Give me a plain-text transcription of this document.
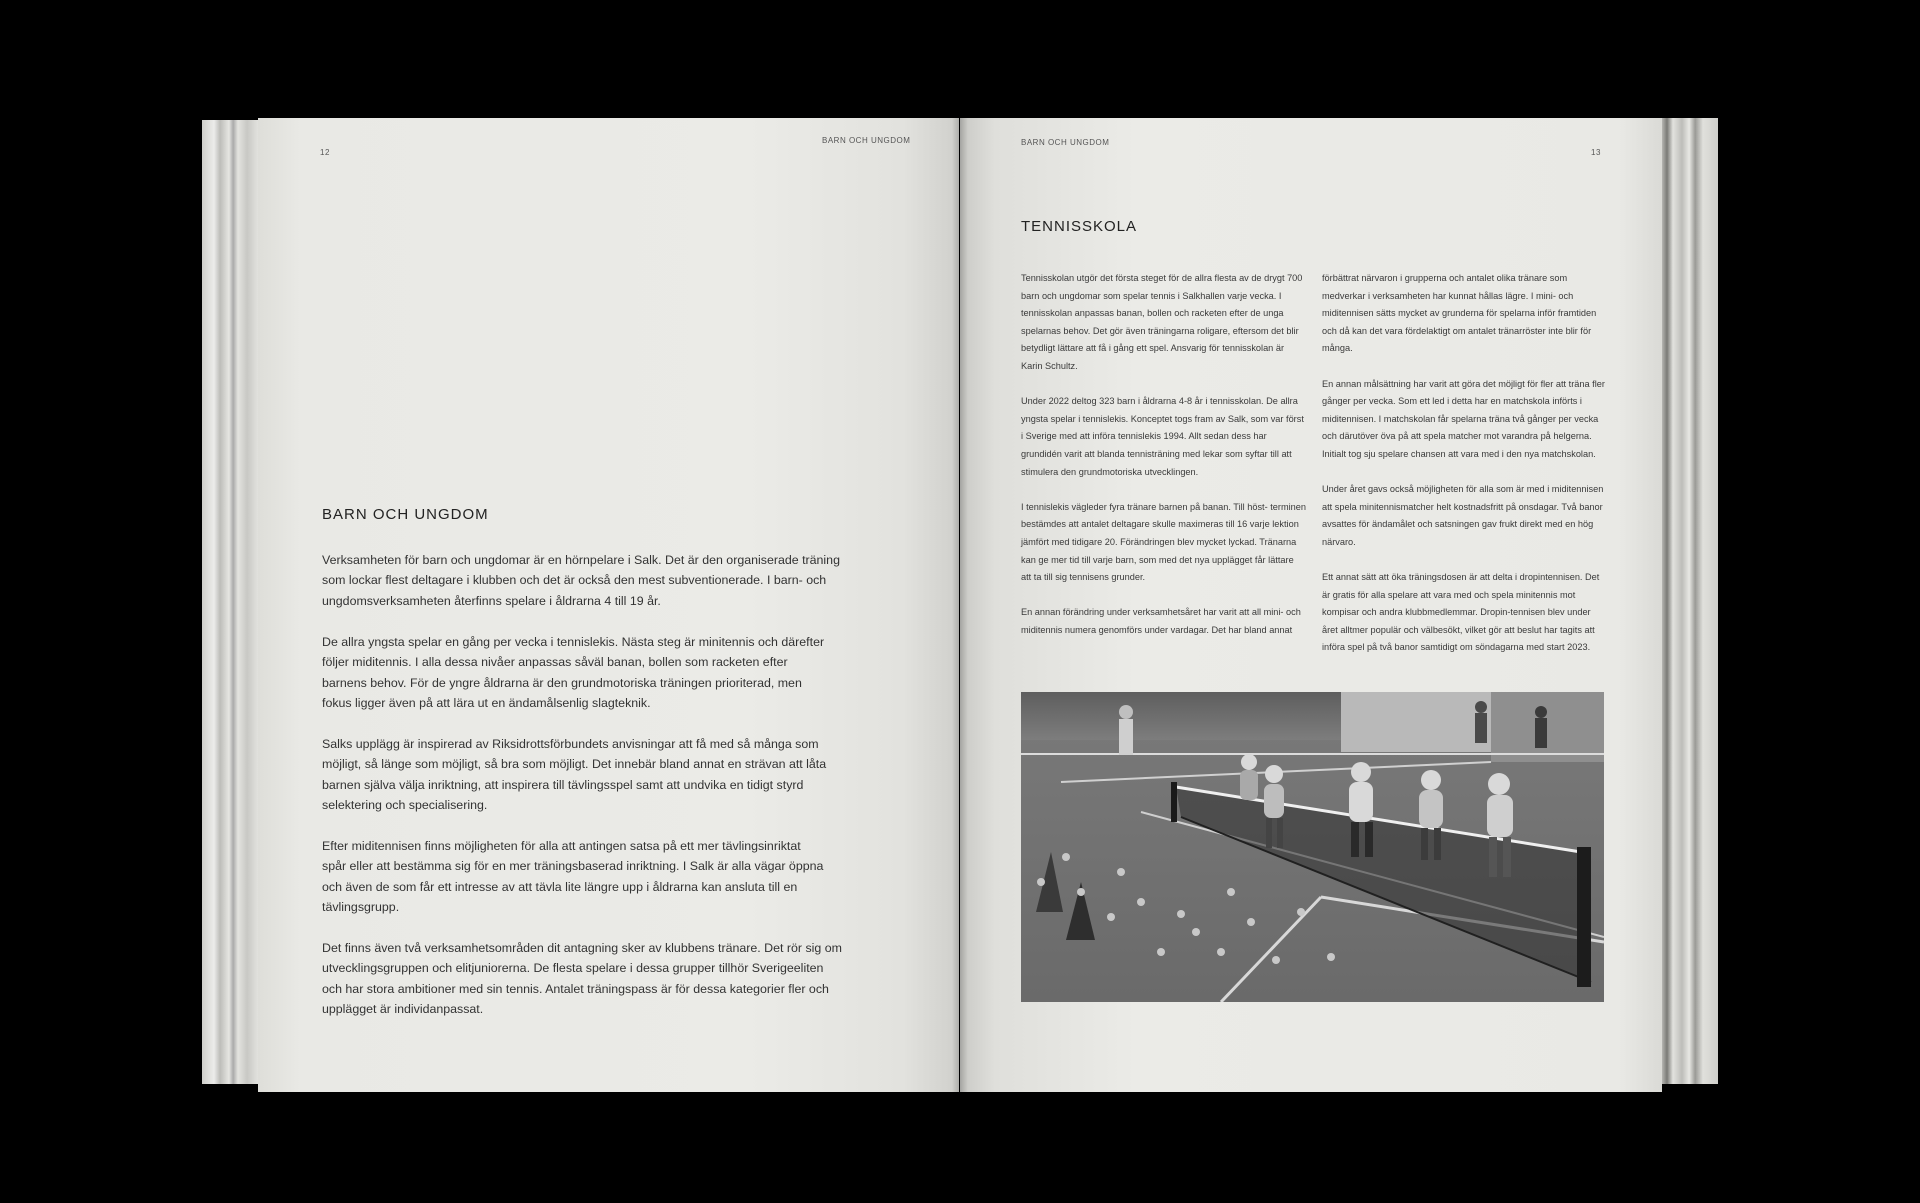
12
BARN OCH UNGDOM
BARN OCH UNGDOM

Verksamheten för barn och ungdomar är en hörnpelare i Salk. Det är den organiserade träning som lockar flest deltagare i klubben och det är också den mest subventionerade. I barn- och ungdomsverksamheten återfinns spelare i åldrarna 4 till 19 år.

De allra yngsta spelar en gång per vecka i tennislekis. Nästa steg är minitennis och därefter följer miditennis. I alla dessa nivåer anpassas såväl banan, bollen som racketen efter barnens behov. För de yngre åldrarna är den grundmotoriska träningen prioriterad, men fokus ligger även på att lära ut en ändamålsenlig slagteknik.

Salks upplägg är inspirerad av Riksidrottsförbundets anvisningar att få med så många som möjligt, så länge som möjligt, så bra som möjligt. Det innebär bland annat en strävan att låta barnen själva välja inriktning, att inspirera till tävlingsspel samt att undvika en tidigt styrd selektering och specialisering.

Efter miditennisen finns möjligheten för alla att antingen satsa på ett mer tävlingsinriktat spår eller att bestämma sig för en mer träningsbaserad inriktning. I Salk är alla vägar öppna och även de som får ett intresse av att tävla lite längre upp i åldrarna kan ansluta till en tävlingsgrupp.

Det finns även två verksamhetsområden dit antagning sker av klubbens tränare. Det rör sig om utvecklingsgruppen och elitjuniorerna. De flesta spelare i dessa grupper tillhör Sverigeeliten och har stora ambitioner med sin tennis. Antalet träningspass är för dessa kategorier fler och upplägget är individanpassat.

BARN OCH UNGDOM
13
TENNISSKOLA

Tennisskolan utgör det första steget för de allra flesta av de drygt 700 barn och ungdomar som spelar tennis i Salkhallen varje vecka. I tennisskolan anpassas banan, bollen och racketen efter de unga spelarnas behov. Det gör även träningarna roligare, eftersom det blir betydligt lättare att få i gång ett spel. Ansvarig för tennisskolan är Karin Schultz.

Under 2022 deltog 323 barn i åldrarna 4-8 år i tennisskolan. De allra yngsta spelar i tennislekis. Konceptet togs fram av Salk, som var först i Sverige med att införa tennislekis 1994. Allt sedan dess har grundidén varit att blanda tennisträning med lekar som syftar till att stimulera den grundmotoriska utvecklingen.

I tennislekis vägleder fyra tränare barnen på banan. Till höst- terminen bestämdes att antalet deltagare skulle maximeras till 16 varje lektion jämfört med tidigare 20. Förändringen blev mycket lyckad. Tränarna kan ge mer tid till varje barn, som med det nya upplägget får lättare att ta till sig tennisens grunder.

En annan förändring under verksamhetsåret har varit att all mini- och miditennis numera genomförs under vardagar. Det har bland annat

förbättrat närvaron i grupperna och antalet olika tränare som medverkar i verksamheten har kunnat hållas lägre. I mini- och miditennisen sätts mycket av grunderna för spelarna inför framtiden och då kan det vara fördelaktigt om antalet tränarröster inte blir för många.

En annan målsättning har varit att göra det möjligt för fler att träna fler gånger per vecka. Som ett led i detta har en matchskola införts i miditennisen. I matchskolan får spelarna träna två gånger per vecka och därutöver öva på att spela matcher mot varandra på helgerna. Initialt tog sju spelare chansen att vara med i den nya matchskolan.

Under året gavs också möjligheten för alla som är med i miditennisen att spela minitennismatcher helt kostnadsfritt på onsdagar. Två banor avsattes för ändamålet och satsningen gav frukt direkt med en hög närvaro.

Ett annat sätt att öka träningsdosen är att delta i dropintennisen. Det är gratis för alla spelare att vara med och spela minitennis mot kompisar och andra klubbmedlemmar. Dropin-tennisen blev under året alltmer populär och välbesökt, vilket gör att beslut har tagits att införa spel på två banor samtidigt om söndagarna med start 2023.
